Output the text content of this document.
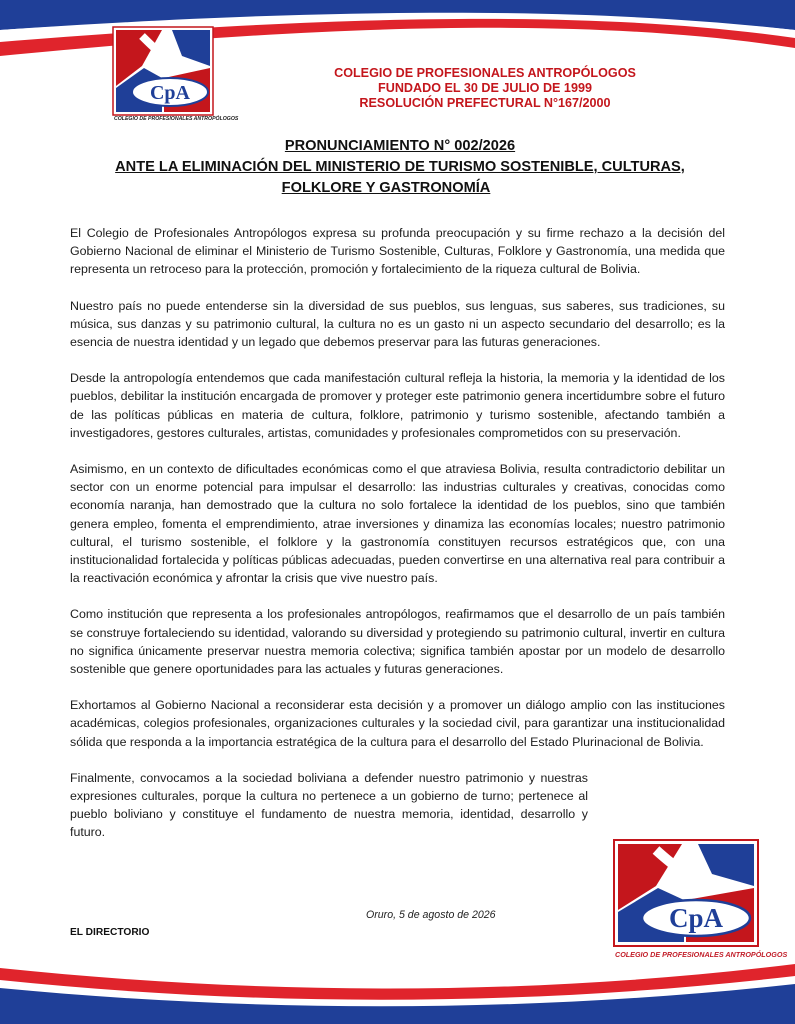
CpA
COLEGIO DE PROFESIONALES ANTROPÓLOGOS
COLEGIO DE PROFESIONALES ANTROPÓLOGOS
FUNDADO EL 30 DE JULIO DE 1999
RESOLUCIÓN PREFECTURAL N°167/2000
PRONUNCIAMIENTO N° 002/2026
ANTE LA ELIMINACIÓN DEL MINISTERIO DE TURISMO SOSTENIBLE, CULTURAS,
FOLKLORE Y GASTRONOMÍA

El Colegio de Profesionales Antropólogos expresa su profunda preocupación y su firme rechazo a la decisión del Gobierno Nacional de eliminar el Ministerio de Turismo Sostenible, Culturas, Folklore y Gastronomía, una medida que representa un retroceso para la protección, promoción y fortalecimiento de la riqueza cultural de Bolivia.

Nuestro país no puede entenderse sin la diversidad de sus pueblos, sus lenguas, sus saberes, sus tradiciones, su música, sus danzas y su patrimonio cultural, la cultura no es un gasto ni un aspecto secundario del desarrollo; es la esencia de nuestra identidad y un legado que debemos preservar para las futuras generaciones.

Desde la antropología entendemos que cada manifestación cultural refleja la historia, la memoria y la identidad de los pueblos, debilitar la institución encargada de promover y proteger este patrimonio genera incertidumbre sobre el futuro de las políticas públicas en materia de cultura, folklore, patrimonio y turismo sostenible, afectando también a investigadores, gestores culturales, artistas, comunidades y profesionales comprometidos con su preservación.

Asimismo, en un contexto de dificultades económicas como el que atraviesa Bolivia, resulta contradictorio debilitar un sector con un enorme potencial para impulsar el desarrollo: las industrias culturales y creativas, conocidas como economía naranja, han demostrado que la cultura no solo fortalece la identidad de los pueblos, sino que también genera empleo, fomenta el emprendimiento, atrae inversiones y dinamiza las economías locales; nuestro patrimonio cultural, el turismo sostenible, el folklore y la gastronomía constituyen recursos estratégicos que, con una institucionalidad fortalecida y políticas públicas adecuadas, pueden convertirse en una alternativa real para contribuir a la reactivación económica y afrontar la crisis que vive nuestro país.

Como institución que representa a los profesionales antropólogos, reafirmamos que el desarrollo de un país también se construye fortaleciendo su identidad, valorando su diversidad y protegiendo su patrimonio cultural, invertir en cultura no significa únicamente preservar nuestra memoria colectiva; significa también apostar por un modelo de desarrollo sostenible que genere oportunidades para las actuales y futuras generaciones.

Exhortamos al Gobierno Nacional a reconsiderar esta decisión y a promover un diálogo amplio con las instituciones académicas, colegios profesionales, organizaciones culturales y la sociedad civil, para garantizar una institucionalidad sólida que responda a la importancia estratégica de la cultura para el desarrollo del Estado Plurinacional de Bolivia.

Finalmente, convocamos a la sociedad boliviana a defender nuestro patrimonio y nuestras expresiones culturales, porque la cultura no pertenece a un gobierno de turno; pertenece al pueblo boliviano y constituye el fundamento de nuestra memoria, identidad, desarrollo y futuro.

Oruro, 5 de agosto de 2026
EL DIRECTORIO	CpA
COLEGIO DE PROFESIONALES ANTROPÓLOGOS
